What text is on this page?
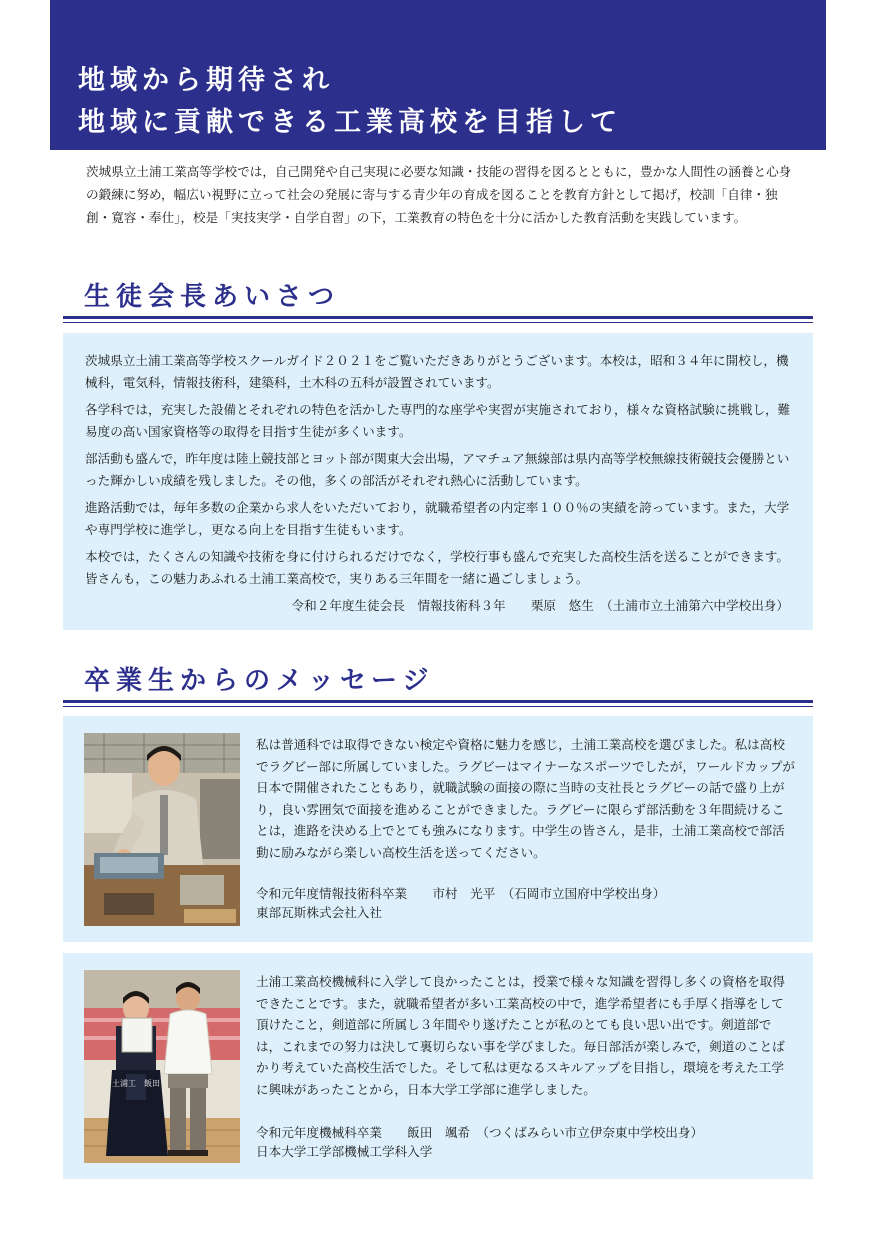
地域から期待され
地域に貢献できる工業高校を目指して

茨城県立土浦工業高等学校では，自己開発や自己実現に必要な知識・技能の習得を図るとともに，豊かな人間性の涵養と心身の鍛練に努め，幅広い視野に立って社会の発展に寄与する青少年の育成を図ることを教育方針として掲げ，校訓「自律・独創・寛容・奉仕」，校是「実技実学・自学自習」の下，工業教育の特色を十分に活かした教育活動を実践しています。

生徒会長あいさつ

茨城県立土浦工業高等学校スクールガイド２０２１をご覧いただきありがとうございます。本校は，昭和３４年に開校し，機械科，電気科，情報技術科，建築科，土木科の五科が設置されています。

各学科では，充実した設備とそれぞれの特色を活かした専門的な座学や実習が実施されており，様々な資格試験に挑戦し，難易度の高い国家資格等の取得を目指す生徒が多くいます。

部活動も盛んで，昨年度は陸上競技部とヨット部が関東大会出場，アマチュア無線部は県内高等学校無線技術競技会優勝といった輝かしい成績を残しました。その他，多くの部活がそれぞれ熱心に活動しています。

進路活動では，毎年多数の企業から求人をいただいており，就職希望者の内定率１００％の実績を誇っています。また，大学や専門学校に進学し，更なる向上を目指す生徒もいます。

本校では，たくさんの知識や技術を身に付けられるだけでなく，学校行事も盛んで充実した高校生活を送ることができます。皆さんも，この魅力あふれる土浦工業高校で，実りある三年間を一緒に過ごしましょう。

令和２年度生徒会長　情報技術科３年　　栗原　悠生　（土浦市立土浦第六中学校出身）
卒業生からのメッセージ

私は普通科では取得できない検定や資格に魅力を感じ，土浦工業高校を選びました。私は高校でラグビー部に所属していました。ラグビーはマイナーなスポーツでしたが，ワールドカップが日本で開催されたこともあり，就職試験の面接の際に当時の支社長とラグビーの話で盛り上がり，良い雰囲気で面接を進めることができました。ラグビーに限らず部活動を３年間続けることは，進路を決める上でとても強みになります。中学生の皆さん，是非，土浦工業高校で部活動に励みながら楽しい高校生活を送ってください。

令和元年度情報技術科卒業　　市村　光平　（石岡市立国府中学校出身）
東部瓦斯株式会社入社
土浦工　飯田

土浦工業高校機械科に入学して良かったことは，授業で様々な知識を習得し多くの資格を取得できたことです。また，就職希望者が多い工業高校の中で，進学希望者にも手厚く指導をして頂けたこと，剣道部に所属し３年間やり遂げたことが私のとても良い思い出です。剣道部では，これまでの努力は決して裏切らない事を学びました。毎日部活が楽しみで，剣道のことばかり考えていた高校生活でした。そして私は更なるスキルアップを目指し，環境を考えた工学に興味があったことから，日本大学工学部に進学しました。

令和元年度機械科卒業　　飯田　颯希　（つくばみらい市立伊奈東中学校出身）
日本大学工学部機械工学科入学
